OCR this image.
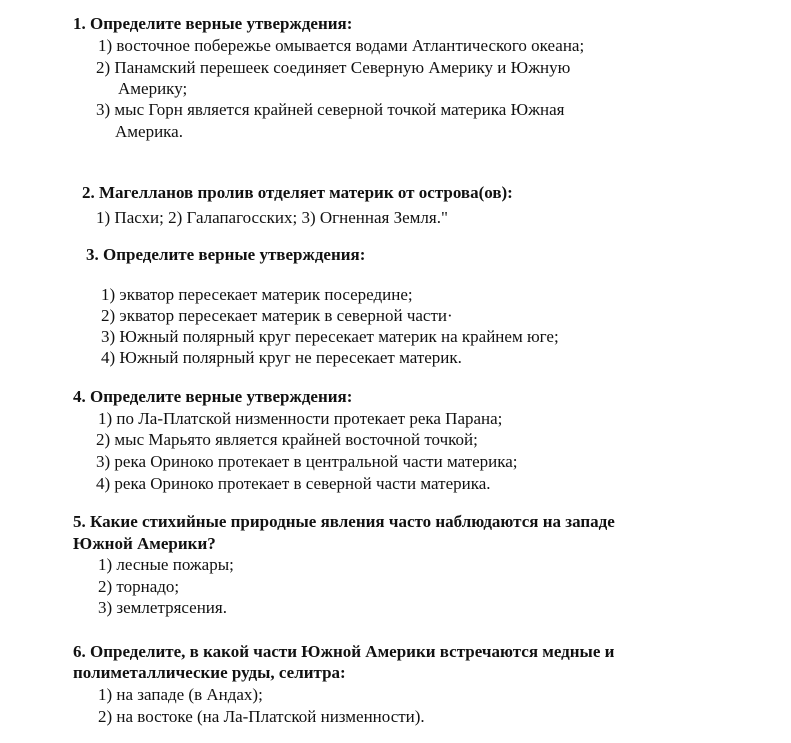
1. Определите верные утверждения:
1) восточное побережье омывается водами Атлантического океана;
2) Панамский перешеек соединяет Северную Америку и Южную
Америку;
3) мыс Горн является крайней северной точкой материка Южная
Америка.
2. Магелланов пролив отделяет материк от острова(ов):
1) Пасхи; 2) Галапагосских; 3) Огненная Земля."
3. Определите верные утверждения:
1) экватор пересекает материк посередине;
2) экватор пересекает материк в северной части·
3) Южный полярный круг пересекает материк на крайнем юге;
4) Южный полярный круг не пересекает материк.
4. Определите верные утверждения:
1) по Ла-Платской низменности протекает река Парана;
2) мыс Марьято является крайней восточной точкой;
3) река Ориноко протекает в центральной части материка;
4) река Ориноко протекает в северной части материка.
5. Какие стихийные природные явления часто наблюдаются на западе
Южной Америки?
1) лесные пожары;
2) торнадо;
3) землетрясения.
6. Определите, в какой части Южной Америки встречаются медные и
полиметаллические руды, селитра:
1) на западе (в Андах);
2) на востоке (на Ла-Платской низменности).
